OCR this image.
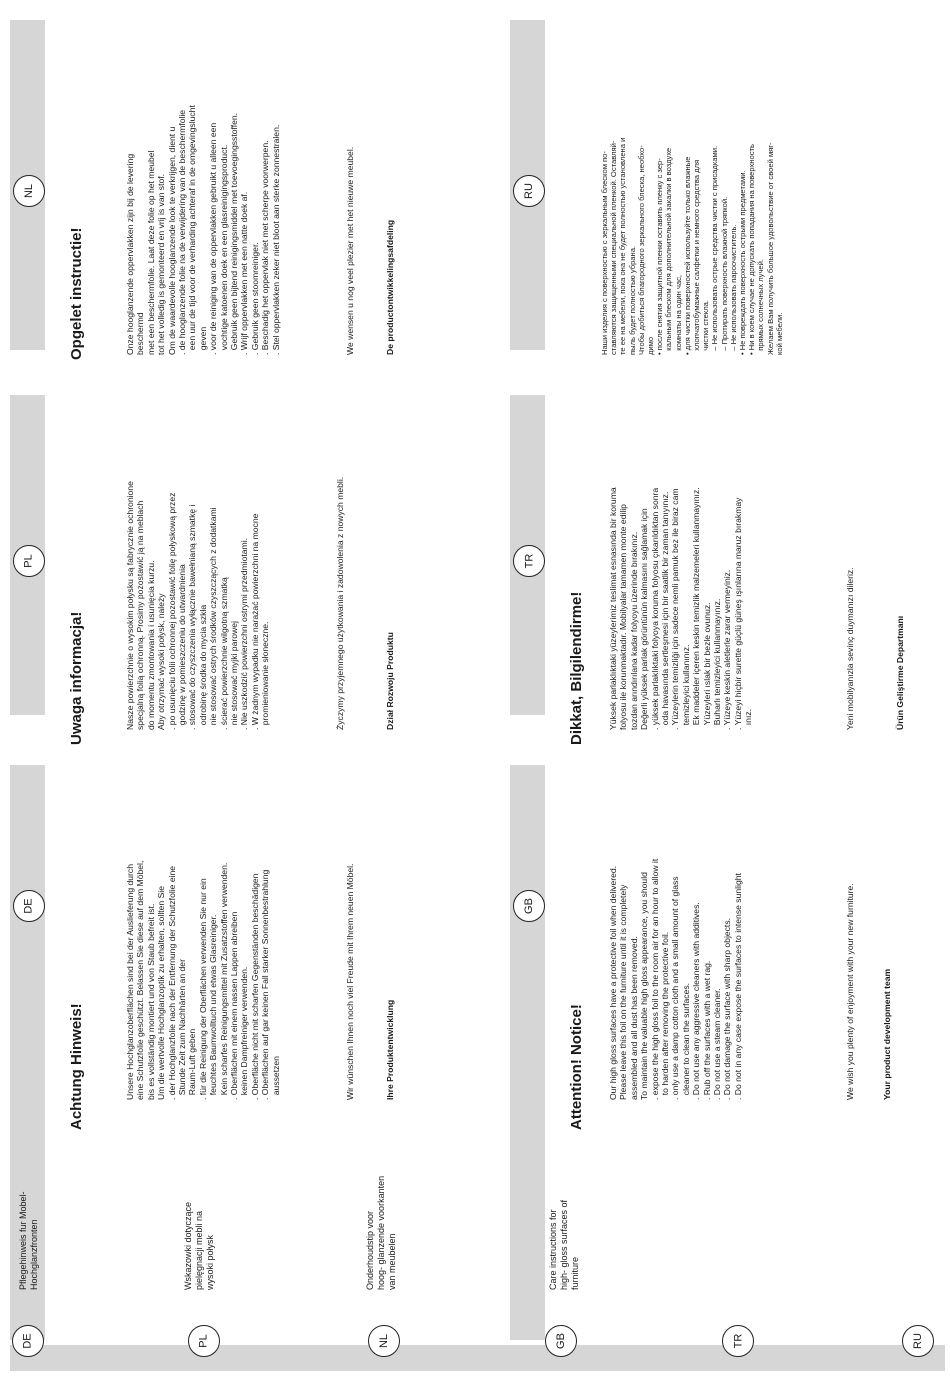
DE
Achtung Hinweis!	Unsere Hochglanzoberflächen sind bei der Auslieferung durch
eine Schutzfolie geschützt. Belassen Sie diese auf dem Möbel,
bis es vollständig montiert und von Staub befreit ist.
Um die wertvolle Hochglanzoptik zu erhalten, sollten Sie
. der Hochglanzfolie nach der Entfernung der Schutzfolie eine
Stunde Zeit zum Nachhärten an der
Raum-Luft geben
. für die Reinigung der Oberflächen verwenden Sie nur ein
feuchtes Baumwolltuch und etwas Glasreiniger.
Kein scharfes Reinigungsmittel mit Zusatzstoffen verwenden.
. Oberflächen mit einem nassen Lappen abreiben
keinen Dampfreiniger verwenden.
. Oberfläche nicht mit scharfen Gegenständen beschädigen
. Oberflächen auf gar keinen Fall starker Sonnenbestrahlung
aussetzen	Wir wünschen Ihnen noch viel Freude mit Ihrem neuen Möbel.	Ihre Produktentwicklung
PL
Uwaga informacja!	Nasze powierzchnie o wysokim połysku są fabrycznie ochronione
specjalną folią ochronną. Prosimy pozostawić ją na meblach
do momentu zmontowania i usunięcia kurzu.
Aby otrzymać wysoki połysk, należy
. po usunięciu folii ochronnej pozostawić folię połyskową przez
godzinę w pomieszczeniu do utwardnienia
. stosować do czyszczenia wyłącznie bawełnianą szmatkę i
odrobinę środka do mycia szkła
nie stosować ostrych środków czyszczących z dodatkami
. ścierać powierzchnie wilgotną szmatką
nie stosować myjki parowej
. Nie uszkodzić powierzchni ostrymi przedmiotami.
. W żadnym wypadku nie narażać powierzchni na mocne
promieniowanie słoneczne.	Życzymy przyjemnego użytkowania i zadowolenia z nowych mebli.	Dział Rozwoju Produktu
NL
Opgelet instructie!	Onze hooglanzende oppervlakken zijn bij de levering
beschermd
met een beschermfolie. Laat deze folie op het meubel
tot het volledig is gemonteerd en vrij is van stof.
Om de waardevolle hooglanzende look te verkrijgen, dient u
. de hooglanzende folie na de verwijdering van de beschermfolie
een uur de tijd voor de verharding achteraf in de omgevingslucht
geven
. voor de reiniging van de oppervlakken gebruikt u alleen een
vochtige katoenen doek en een glasreinigingsproduct.
Gebruik geen bijtend reinigingsmiddel met toevoegingsstoffen.
. Wrijf oppervlakken met een natte doek af.
. Gebruik geen stoomreiniger.
. Beschadig het oppervlak niet met scherpe voorwerpen.
. Stel oppervlakken zeker niet bloot aan sterke zonnestralen.	We wensen u nog veel plezier met het nieuwe meubel.	De productontwikkelingsafdeling
GB
Attention! Notice!	Our high gloss surfaces have a protective foil when delivered.
Please leave this foil on the furniture until it is completely
assembled and all dust has been removed.
To maintain the valuable high gloss appearance, you should
. expose the high gloss foil to the room air for an hour to allow it
to harden after removing the protective foil.
. only use a damp cotton cloth and a small amount of glass
cleaner to clean the surfaces.
. Do not use any aggressive cleaners with additives.
. Rub off the surfaces with a wet rag.
. Do not use a steam cleaner.
. Do not damage the surface with sharp objects.
. Do not in any case expose the surfaces to intense sunlight	We wish you plenty of enjoyment with your new furniture.	Your product development team
TR
Dikkat, Bilgilendirme!	Yüksek parlaklıktaki yüzeylerimiz teslimat esnasında bir koruma
folyosu ile korunmaktadır. Mobilyalar tamamen monte edilip
tozdan arındırılana kadar folyoyu üzerinde bırakınız.
Değerli yüksek parlak görüntünün kalmasını sağlamak için
. yüksek parlaklıktaki folyoya koruma folyosu çıkarıldıktan sonra
oda havasında sertleşmesi için bir saatlik bir zaman tanıyınız.
. Yüzeylerin temizliği için sadece nemli pamuk bez ile biraz cam
temizleyici kullanınız.
Ek maddeler içeren keskin temizlik malzemeleri kullanmayınız.
Yüzeyleri ıslak bir bezle ovunuz.
Buharlı temizleyici kullanmayınız.
. Yüzeye keskin aletlerle zarar vermeyiniz.
. Yüzeyi hiçbir surette güçlü güneş ışınlarına maruz bırakmay
ınız.	Yeni mobilyanızla sevinç duymanızı dileriz.	Ürün Geliştirme Departmanı
RU
Наши изделия с поверхностью с зеркальным блеском по-
ставляются защищенными специальной пленкой. Оставляй-
те ее на мебели, пока она не будет полностью установлена и
пыль будет полностью убрана.
Чтобы добиться благородного зеркального блеска, необхо-
димо
• после снятия защитной пленки оставить пленку с зер-
кальным блеском для дополнительной закалки в воздухе
комнаты на один час,
• для чистки поверхностей используйте только влажные
хлопчатобумажные салфетки и немного средства для
чистки стекла.
– Не использовать острые средства чистки с присадками.
– Протирать поверхность влажной тряпкой.
– Не использовать пароочиститель.
• Не повреждать поверхность острыми предметами.
• Ни в коем случае не допускать попадания на поверхность
прямых солнечных лучей.
Желаем Вам получить большое удовольствие от своей мяг-
кой мебели.
DE
Pflegehinweis fur Mobel-
Hochglanzfronten
PL
Wskazowki dotyczące
pielęgnacji mebli na
wysoki połysk
NL
Onderhoudstip voor
hoog- glanzende voorkanten
van meubelen
GB
Care instructions for
high- gloss surfaces of
furniture
TR	RU
